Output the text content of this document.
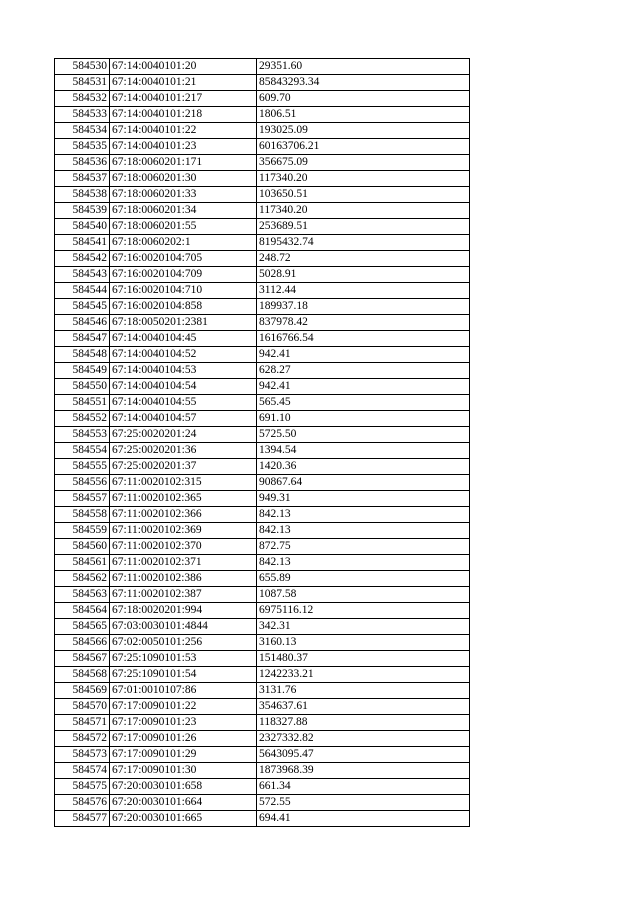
584530	67:14:0040101:20	29351.60
584531	67:14:0040101:21	85843293.34
584532	67:14:0040101:217	609.70
584533	67:14:0040101:218	1806.51
584534	67:14:0040101:22	193025.09
584535	67:14:0040101:23	60163706.21
584536	67:18:0060201:171	356675.09
584537	67:18:0060201:30	117340.20
584538	67:18:0060201:33	103650.51
584539	67:18:0060201:34	117340.20
584540	67:18:0060201:55	253689.51
584541	67:18:0060202:1	8195432.74
584542	67:16:0020104:705	248.72
584543	67:16:0020104:709	5028.91
584544	67:16:0020104:710	3112.44
584545	67:16:0020104:858	189937.18
584546	67:18:0050201:2381	837978.42
584547	67:14:0040104:45	1616766.54
584548	67:14:0040104:52	942.41
584549	67:14:0040104:53	628.27
584550	67:14:0040104:54	942.41
584551	67:14:0040104:55	565.45
584552	67:14:0040104:57	691.10
584553	67:25:0020201:24	5725.50
584554	67:25:0020201:36	1394.54
584555	67:25:0020201:37	1420.36
584556	67:11:0020102:315	90867.64
584557	67:11:0020102:365	949.31
584558	67:11:0020102:366	842.13
584559	67:11:0020102:369	842.13
584560	67:11:0020102:370	872.75
584561	67:11:0020102:371	842.13
584562	67:11:0020102:386	655.89
584563	67:11:0020102:387	1087.58
584564	67:18:0020201:994	6975116.12
584565	67:03:0030101:4844	342.31
584566	67:02:0050101:256	3160.13
584567	67:25:1090101:53	151480.37
584568	67:25:1090101:54	1242233.21
584569	67:01:0010107:86	3131.76
584570	67:17:0090101:22	354637.61
584571	67:17:0090101:23	118327.88
584572	67:17:0090101:26	2327332.82
584573	67:17:0090101:29	5643095.47
584574	67:17:0090101:30	1873968.39
584575	67:20:0030101:658	661.34
584576	67:20:0030101:664	572.55
584577	67:20:0030101:665	694.41
